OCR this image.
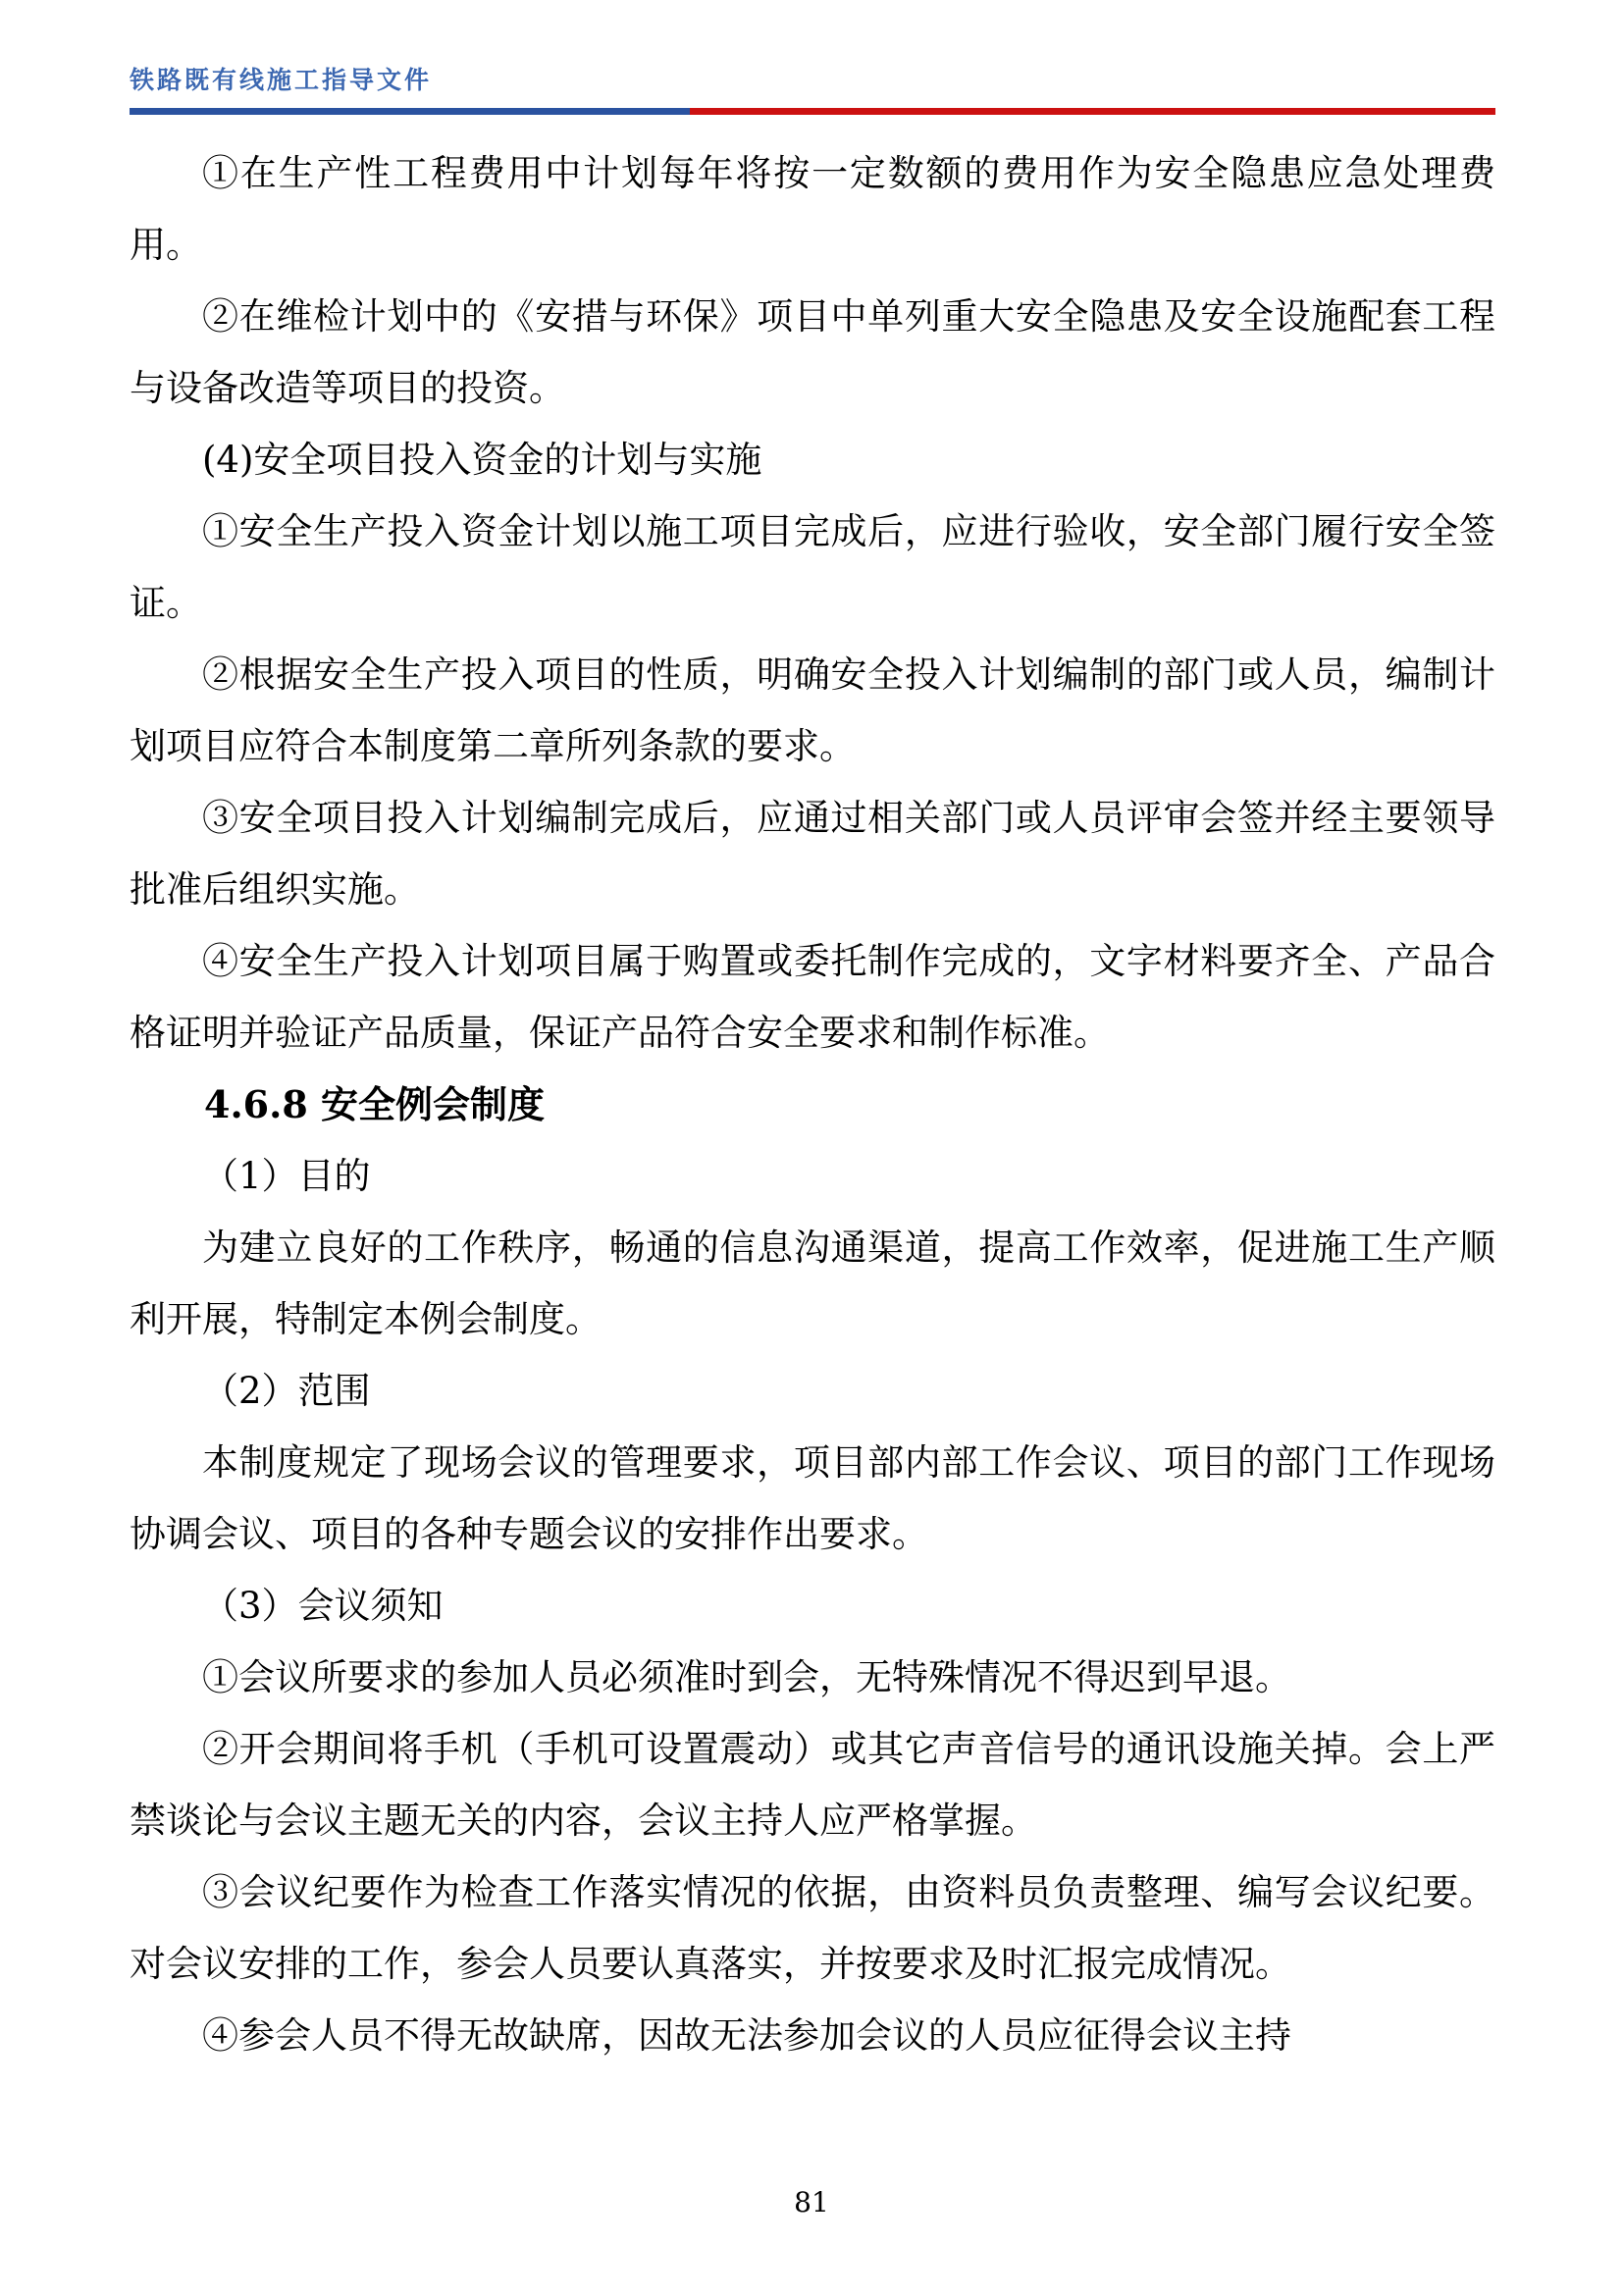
铁路既有线施工指导文件

①在生产性工程费用中计划每年将按一定数额的费用作为安全隐患应急处理费用。

②在维检计划中的《安措与环保》项目中单列重大安全隐患及安全设施配套工程与设备改造等项目的投资。

(4)安全项目投入资金的计划与实施

①安全生产投入资金计划以施工项目完成后，应进行验收，安全部门履行安全签证。

②根据安全生产投入项目的性质，明确安全投入计划编制的部门或人员，编制计划项目应符合本制度第二章所列条款的要求。

③安全项目投入计划编制完成后，应通过相关部门或人员评审会签并经主要领导批准后组织实施。

④安全生产投入计划项目属于购置或委托制作完成的，文字材料要齐全、产品合格证明并验证产品质量，保证产品符合安全要求和制作标准。

4.6.8 安全例会制度

（1）目的

为建立良好的工作秩序，畅通的信息沟通渠道，提高工作效率，促进施工生产顺利开展，特制定本例会制度。

（2）范围

本制度规定了现场会议的管理要求，项目部内部工作会议、项目的部门工作现场协调会议、项目的各种专题会议的安排作出要求。

（3）会议须知

①会议所要求的参加人员必须准时到会，无特殊情况不得迟到早退。

②开会期间将手机（手机可设置震动）或其它声音信号的通讯设施关掉。会上严禁谈论与会议主题无关的内容，会议主持人应严格掌握。

③会议纪要作为检查工作落实情况的依据，由资料员负责整理、编写会议纪要。对会议安排的工作，参会人员要认真落实，并按要求及时汇报完成情况。

④参会人员不得无故缺席，因故无法参加会议的人员应征得会议主持

81
